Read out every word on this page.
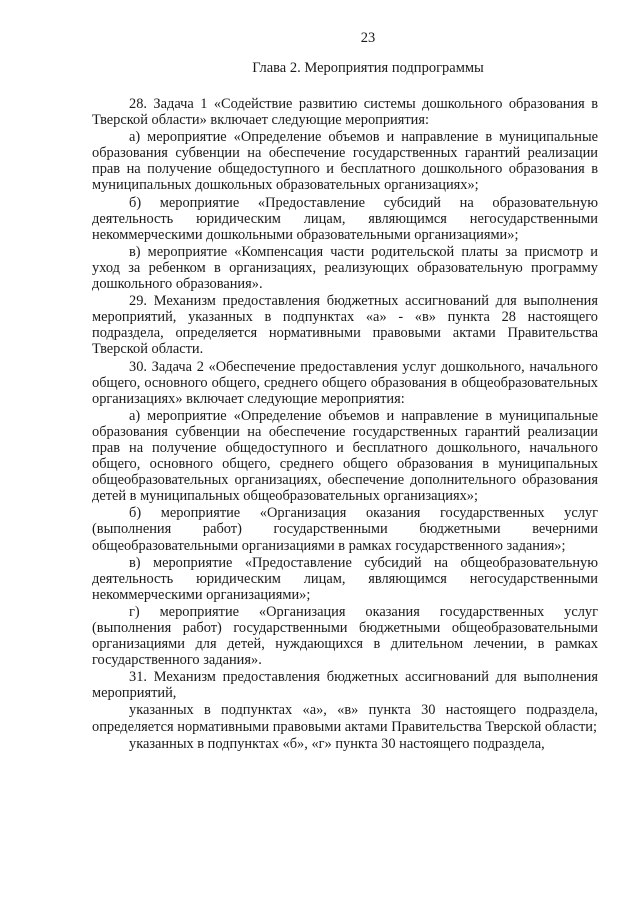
23
Глава 2. Мероприятия подпрограммы

28. Задача 1 «Содействие развитию системы дошкольного образования в Тверской области» включает следующие мероприятия:

а) мероприятие «Определение объемов и направление в муниципальные образования субвенции на обеспечение государственных гарантий реализации прав на получение общедоступного и бесплатного дошкольного образования в муниципальных дошкольных образовательных организациях»;

б) мероприятие «Предоставление субсидий на образовательную деятельность юридическим лицам, являющимся негосударственными некоммерческими дошкольными образовательными организациями»;

в) мероприятие «Компенсация части родительской платы за присмотр и уход за ребенком в организациях, реализующих образовательную программу дошкольного образования».

29. Механизм предоставления бюджетных ассигнований для выполнения мероприятий, указанных в подпунктах «а» - «в» пункта 28 настоящего подраздела, определяется нормативными правовыми актами Правительства Тверской области.

30. Задача 2 «Обеспечение предоставления услуг дошкольного, начального общего, основного общего, среднего общего образования в общеобразовательных организациях» включает следующие мероприятия:

а) мероприятие «Определение объемов и направление в муниципальные образования субвенции на обеспечение государственных гарантий реализации прав на получение общедоступного и бесплатного дошкольного, начального общего, основного общего, среднего общего образования в муниципальных общеобразовательных организациях, обеспечение дополнительного образования детей в муниципальных общеобразовательных организациях»;

б) мероприятие «Организация оказания государственных услуг (выполнения работ) государственными бюджетными вечерними общеобразовательными организациями в рамках государственного задания»;

в) мероприятие «Предоставление субсидий на общеобразовательную деятельность юридическим лицам, являющимся негосударственными некоммерческими организациями»;

г) мероприятие «Организация оказания государственных услуг (выполнения работ) государственными бюджетными общеобразовательными организациями для детей, нуждающихся в длительном лечении, в рамках государственного задания».

31. Механизм предоставления бюджетных ассигнований для выполнения мероприятий,

указанных в подпунктах «а», «в» пункта 30 настоящего подраздела, определяется нормативными правовыми актами Правительства Тверской области;

указанных в подпунктах «б», «г» пункта 30 настоящего подраздела,
